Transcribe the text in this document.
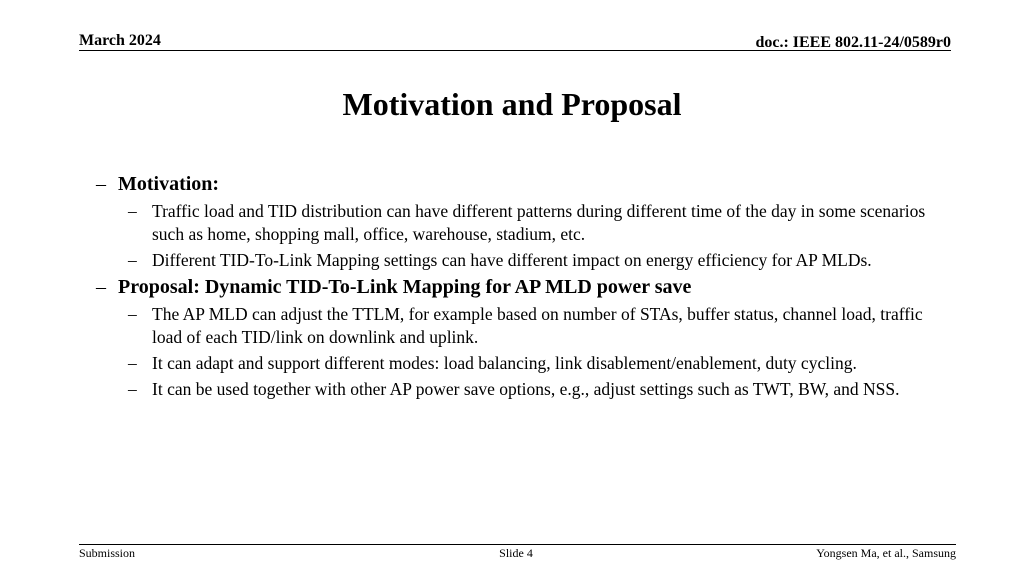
March 2024	doc.: IEEE 802.11-24/0589r0
Motivation and Proposal
– Motivation:
– Traffic load and TID distribution can have different patterns during different time of the day in some scenarios such as home, shopping mall, office, warehouse, stadium, etc.
– Different TID-To-Link Mapping settings can have different impact on energy efficiency for AP MLDs.
– Proposal: Dynamic TID-To-Link Mapping for AP MLD power save
– The AP MLD can adjust the TTLM, for example based on number of STAs, buffer status, channel load, traffic load of each TID/link on downlink and uplink.
– It can adapt and support different modes: load balancing, link disablement/enablement, duty cycling.
– It can be used together with other AP power save options, e.g., adjust settings such as TWT, BW, and NSS.
Submission	Slide 4	Yongsen Ma, et al., Samsung
